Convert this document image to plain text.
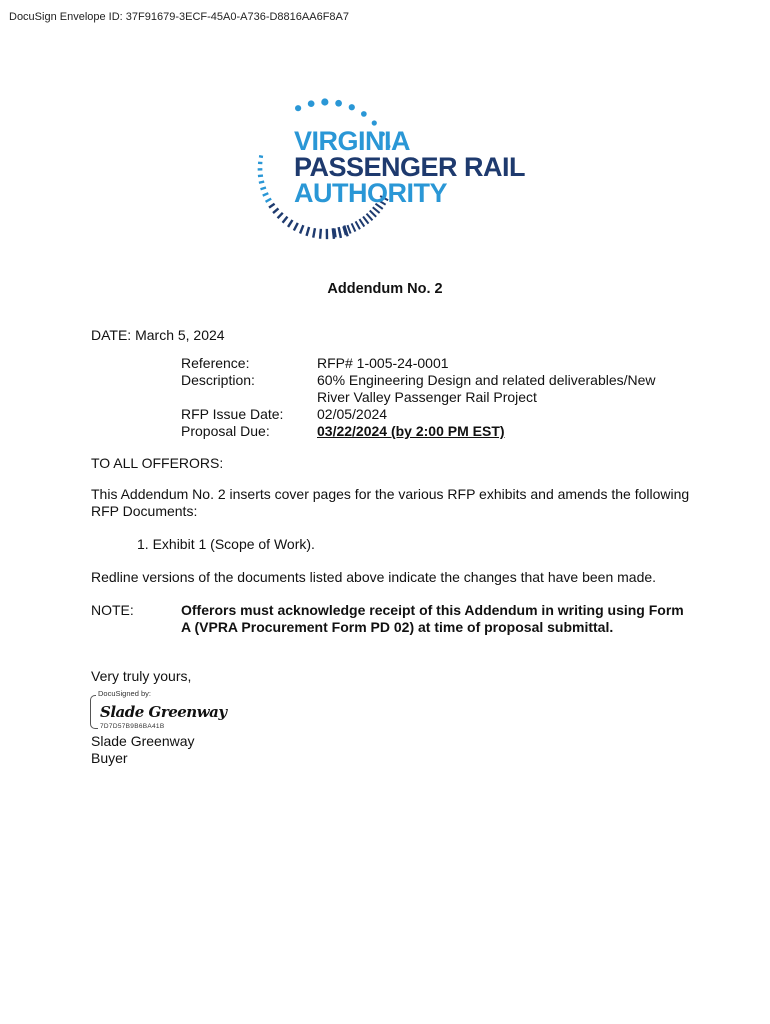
DocuSign Envelope ID: 37F91679-3ECF-45A0-A736-D8816AA6F8A7
VIRGINIA
PASSENGER RAIL
AUTHORITY
Addendum No. 2
DATE: March 5, 2024
Reference:
Description:

RFP Issue Date:
Proposal Due:
RFP# 1-005-24-0001
60% Engineering Design and related deliverables/New
River Valley Passenger Rail Project
02/05/2024
03/22/2024 (by 2:00 PM EST)
TO ALL OFFERORS:
This Addendum No. 2 inserts cover pages for the various RFP exhibits and amends the following RFP Documents:
1. Exhibit 1 (Scope of Work).
Redline versions of the documents listed above indicate the changes that have been made.
NOTE:	Offerors must acknowledge receipt of this Addendum in writing using Form A (VPRA Procurement Form PD 02) at time of proposal submittal.
Very truly yours,
DocuSigned by:
Slade Greenway
7D7D57B9B6BA41B
Slade Greenway
Buyer
